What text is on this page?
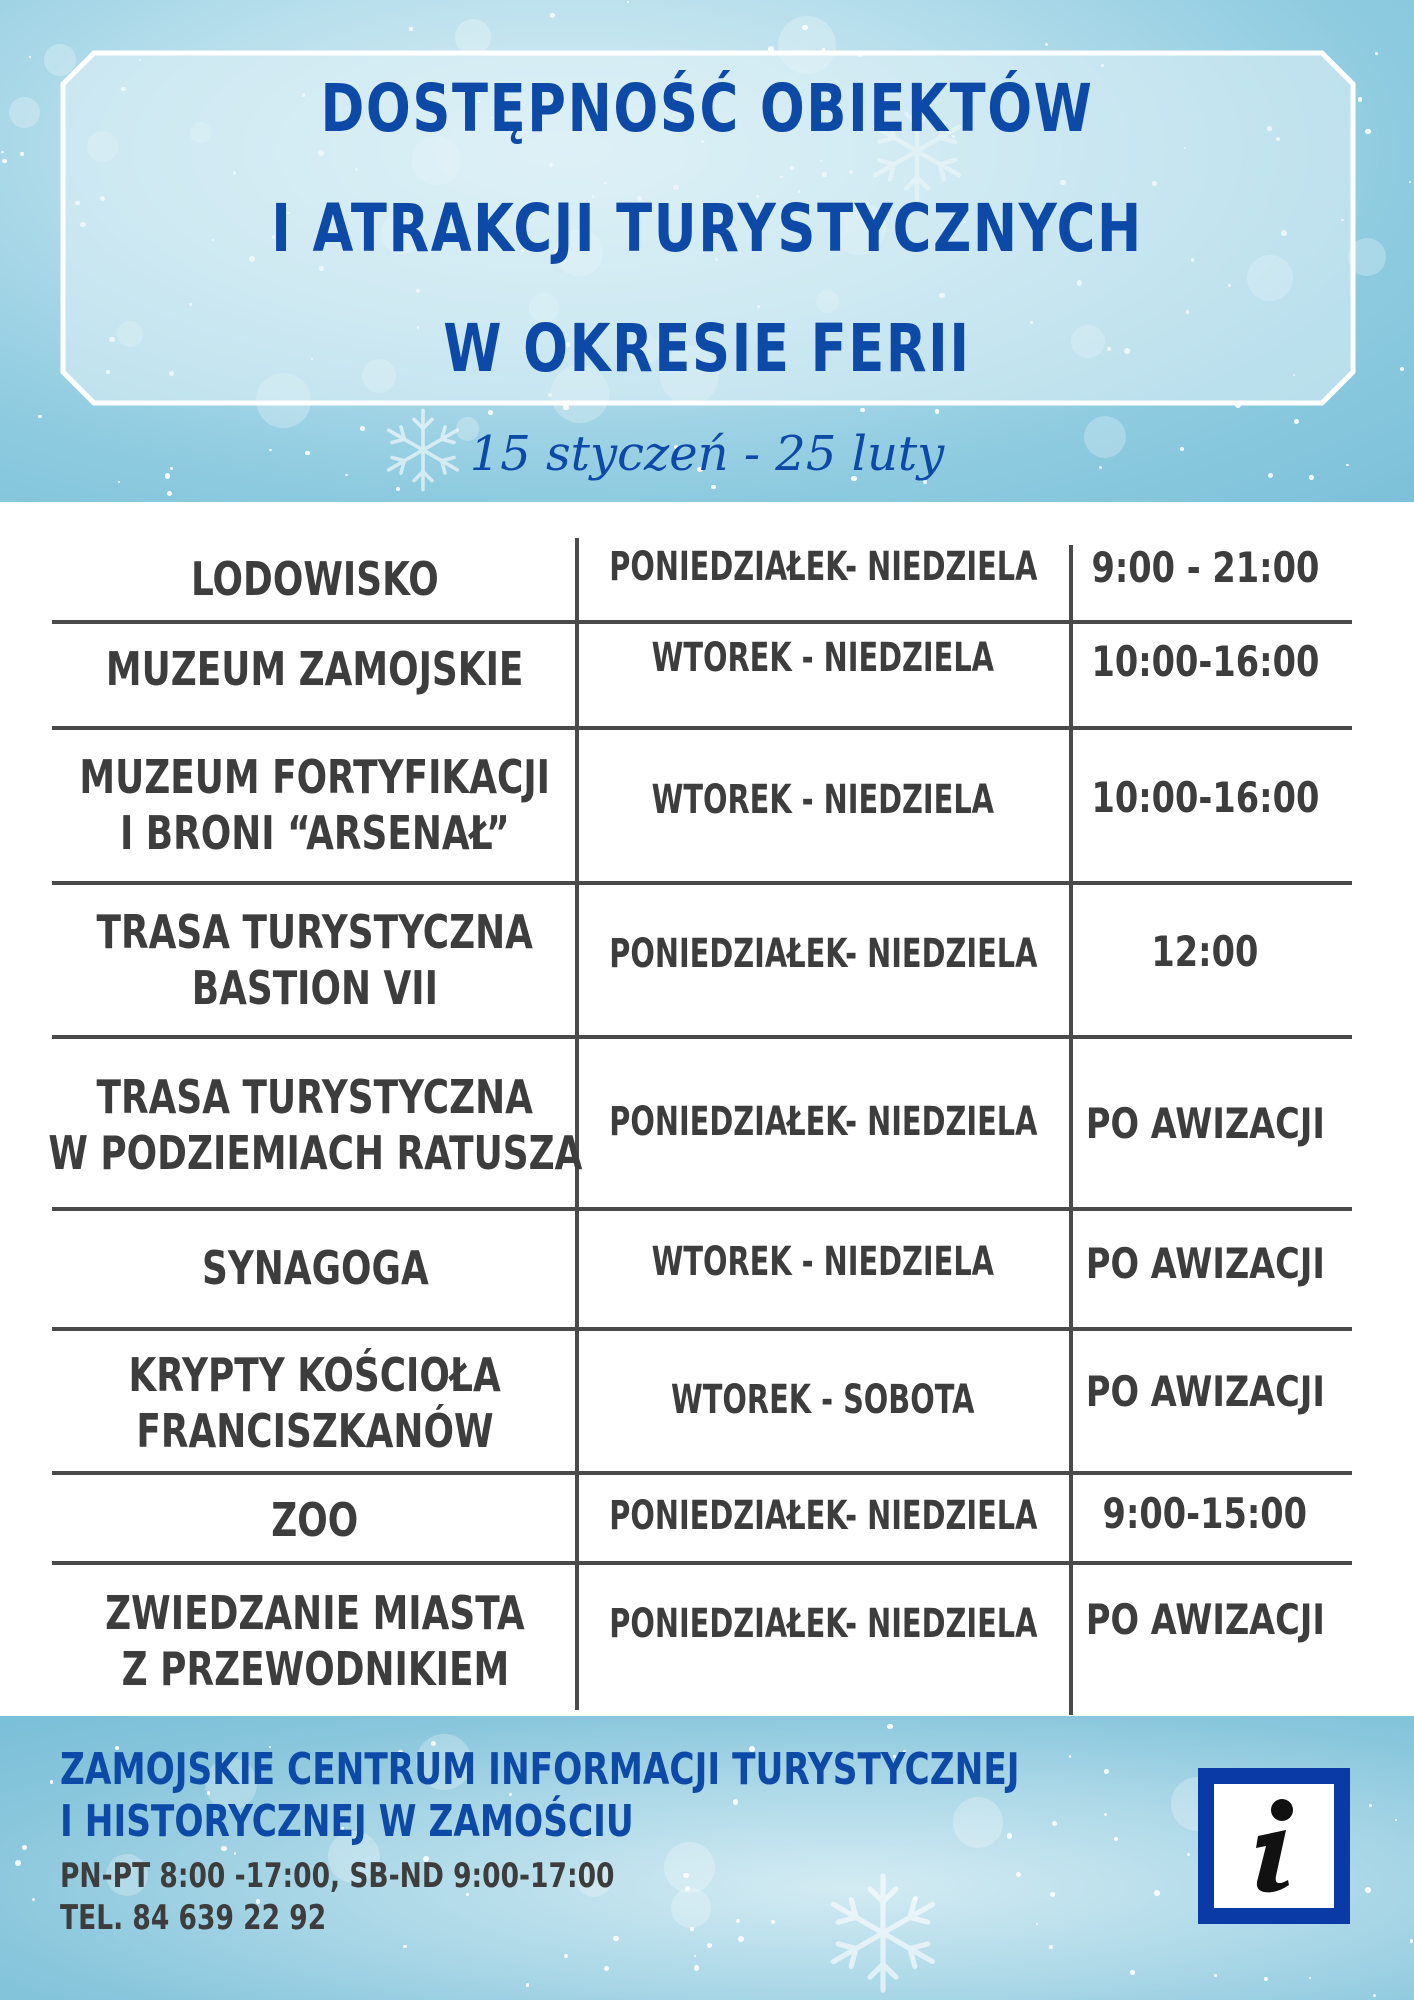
DOSTĘPNOŚĆ OBIEKTÓW
I ATRAKCJI TURYSTYCZNYCH
W OKRESIE FERII
15 styczeń - 25 luty
LODOWISKO	PONIEDZIAŁEK- NIEDZIELA 9:00 - 21:00
MUZEUM ZAMOJSKIE	WTOREK - NIEDZIELA 10:00-16:00
MUZEUM FORTYFIKACJI
I BRONI “ARSENAŁ”
WTOREK - NIEDZIELA 10:00-16:00
TRASA TURYSTYCZNA
BASTION VII
PONIEDZIAŁEK- NIEDZIELA	12:00
TRASA TURYSTYCZNA
W PODZIEMIACH RATUSZA
PONIEDZIAŁEK- NIEDZIELA PO AWIZACJI
SYNAGOGA	WTOREK - NIEDZIELA PO AWIZACJI
KRYPTY KOŚCIOŁA
FRANCISZKANÓW
WTOREK - SOBOTA	PO AWIZACJI
ZOO	PONIEDZIAŁEK- NIEDZIELA 9:00-15:00
ZWIEDZANIE MIASTA
Z PRZEWODNIKIEM
PONIEDZIAŁEK- NIEDZIELA PO AWIZACJI
ZAMOJSKIE CENTRUM INFORMACJI TURYSTYCZNEJ
I HISTORYCZNEJ W ZAMOŚCIU
PN-PT 8:00 -17:00, SB-ND 9:00-17:00
TEL. 84 639 22 92
